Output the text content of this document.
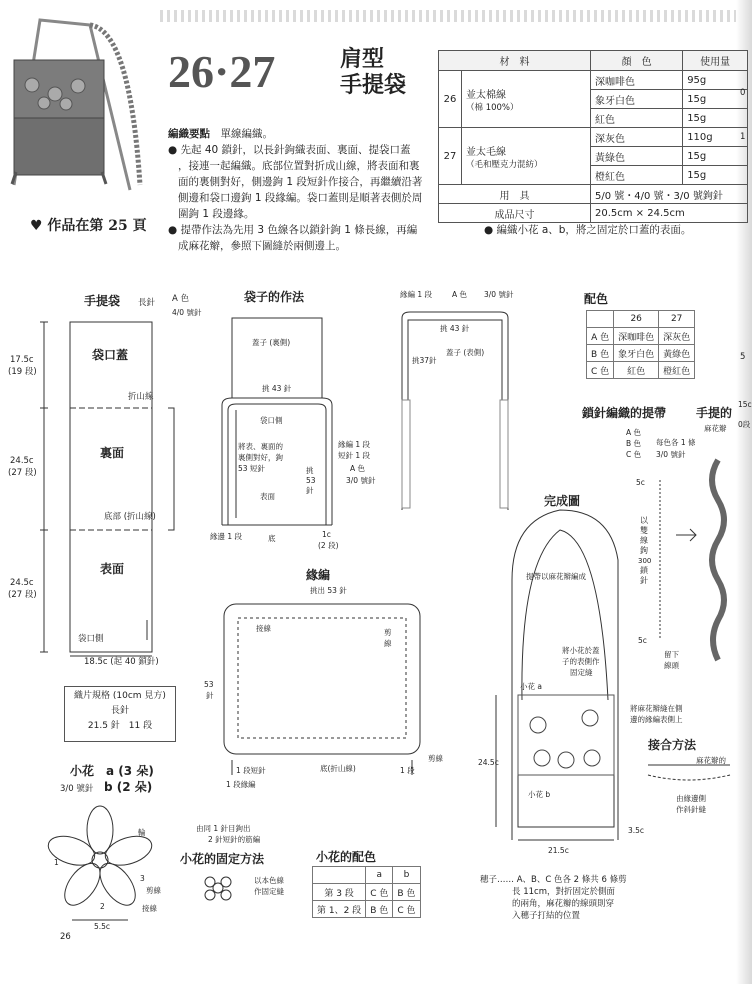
26·27	肩型
手提袋
♥ 作品在第 25 頁
材　料		顏　色	使用量
26	並太棉線
（棉 100%）	深咖啡色	95g
		象牙白色	15g
		紅色	15g
27	並太毛線
（毛和壓克力混紡）	深灰色	110g
		黃綠色	15g
		橙紅色	15g
用　具		5/0 號・4/0 號・3/0 號鉤針	
成品尺寸		20.5cm × 24.5cm	
編織要點　 單線編織。
● 先起 40 鎖針，以長針鉤織表面、裏面、提袋口蓋
，接連一起編織。底部位置對折成山線，將表面和裏
面的裏側對好，側邊鉤 1 段短針作接合，再繼續沿著
側邊和袋口邊鉤 1 段緣編。袋口蓋則是順著表側於周
圍鉤 1 段邊緣。
● 提帶作法為先用 3 色線各以鎖針鉤 1 條長線，再編
成麻花辮，參照下圖縫於兩側邊上。
● 編織小花 a、b，將之固定於口蓋的表面。
手提袋 長針 A 色
4/0 號針
袋口蓋
裏面
表面
17.5c
(19 段)
24.5c
(27 段)
24.5c
(27 段)
折山線
底部 (折山線)
袋口側
18.5c (起 40 鎖針)
織片規格 (10cm 見方)
長針
21.5 針　11 段
小花　 a (3 朵)
3/0 號針 b (2 朵)
輪
3
剪線
2
1
接線
5.5c
由同 1 針目鉤出
2 針短針的筋編
小花的固定方法
以本色線
作固定縫
小花的配色
	a	b
第 3 段	C 色	B 色
第 1、2 段	B 色	C 色
袋子的作法
蓋子 (裏側)
挑 43 針
袋口側
將表、裏面的
裏側對好，鉤
53 短針
表面
挑
53
針
緣編 1 段
短針 1 段
A 色
3/0 號針
緣邊 1 段	底	1c
(2 段)
緣編 1 段	A 色 3/0 號針
挑 43 針
蓋子 (表側)
挑37針
緣編
挑出 53 針
接線	剪
線
53
針
1 段短針
1 段緣編
底(折山線)	1 段
剪線
配色
	26	27
A 色	深咖啡色	深灰色
B 色	象牙白色	黃綠色
C 色	紅色	橙紅色
鎖針編織的提帶 手提的
麻花辮
A 色
B 色
C 色
每色各 1 條
3/0 號針
5c
以
雙
線
鉤
300
鎖
針
5c
留下
線頭
完成圖
提帶以麻花辮編成
將小花於蓋
子的表側作
固定縫
小花 a
小花 b
24.5c
21.5c
3.5c
將麻花辮縫在側
邊的緣編表側上
穗子…… A、B、C 色各 2 條共 6 條剪
長 11cm，對折固定於側面
的兩角，麻花辮的線頭則穿
入穗子打結的位置
接合方法
麻花辮的
由緣邊側
作斜針縫
0
1
5
15c
0段
26
